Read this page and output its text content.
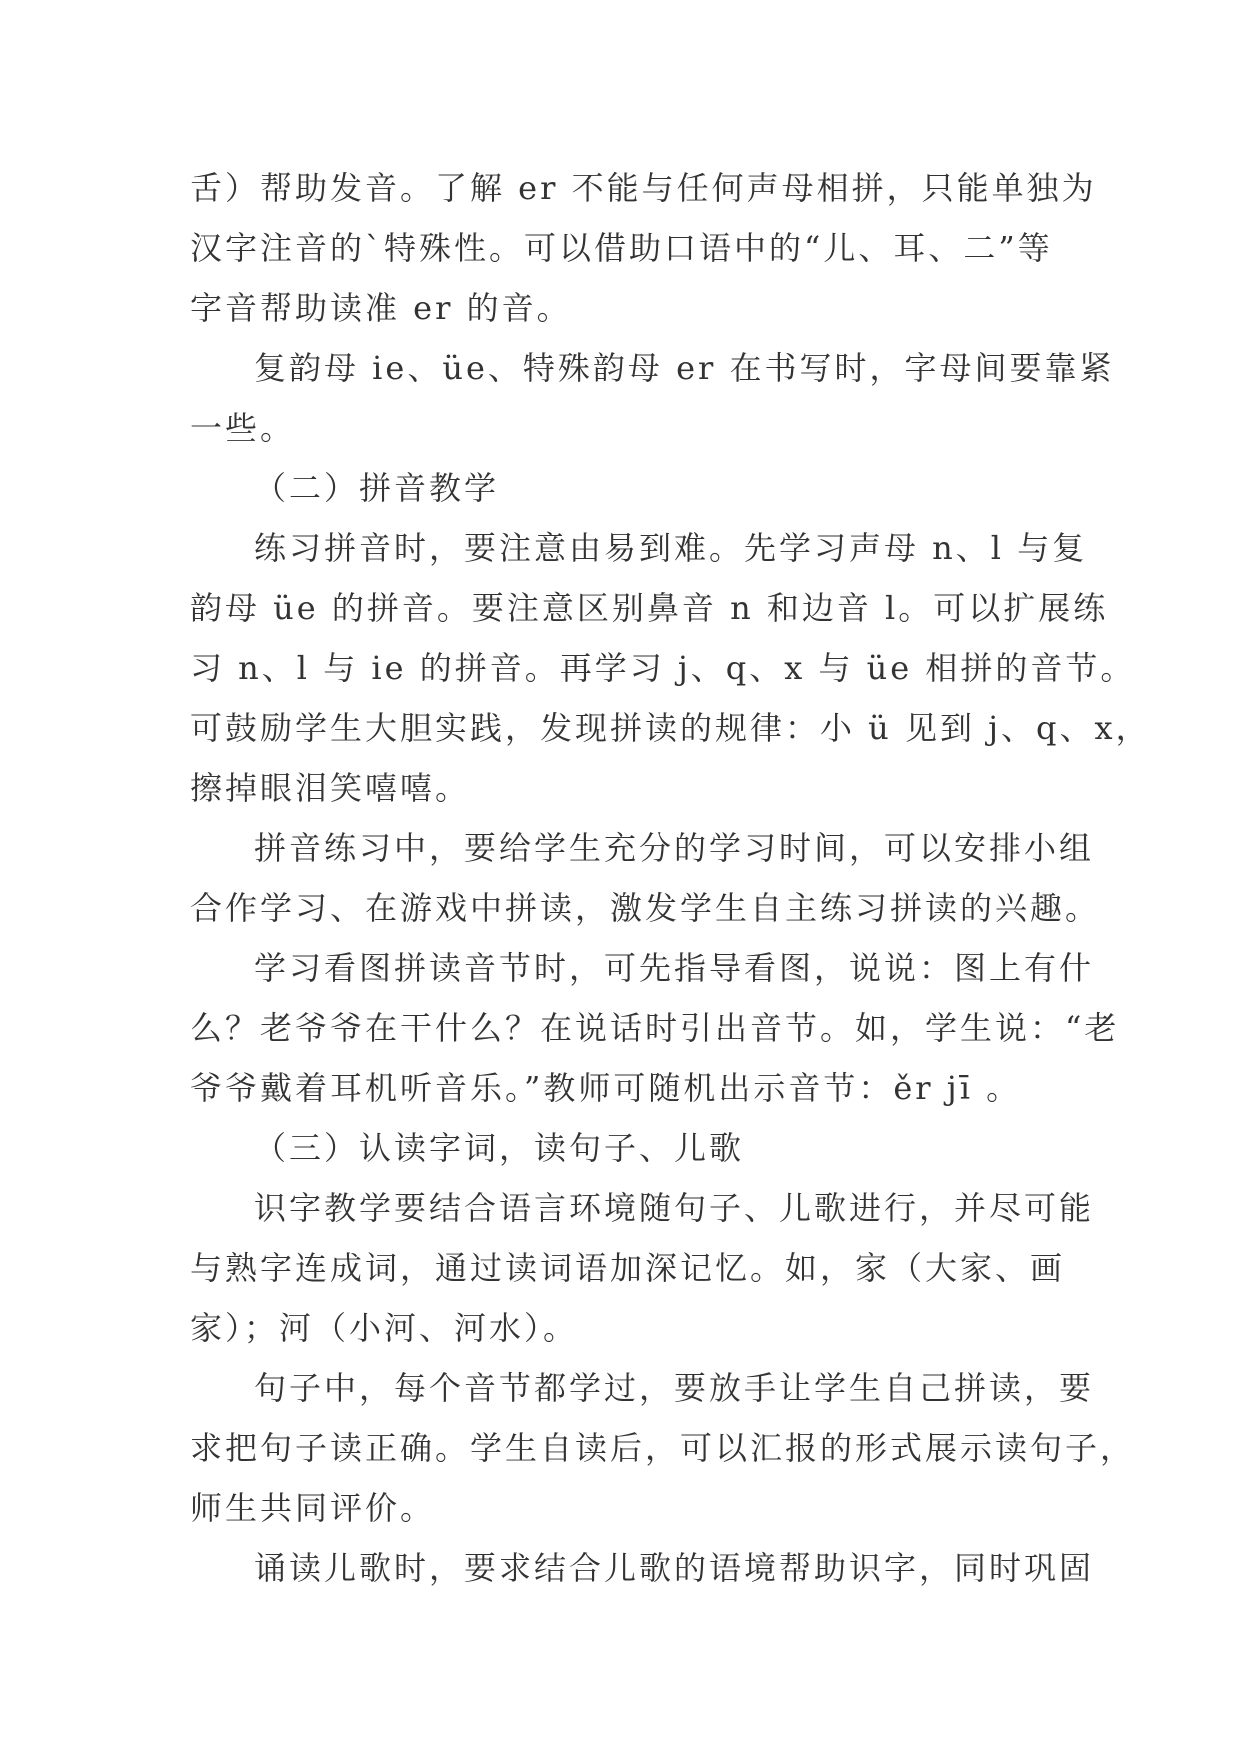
舌）帮助发音。了解 er 不能与任何声母相拼，只能单独为
汉字注音的`特殊性。可以借助口语中的“儿、耳、二”等
字音帮助读准 er 的音。

复韵母 ie、üe、特殊韵母 er 在书写时，字母间要靠紧
一些。

（二）拼音教学

练习拼音时，要注意由易到难。先学习声母 n、l 与复
韵母 üe 的拼音。要注意区别鼻音 n 和边音 l。可以扩展练
习 n、l 与 ie 的拼音。再学习 j、q、x 与 üe 相拼的音节。
可鼓励学生大胆实践，发现拼读的规律：小 ü 见到 j、q、x，
擦掉眼泪笑嘻嘻。

拼音练习中，要给学生充分的学习时间，可以安排小组
合作学习、在游戏中拼读，激发学生自主练习拼读的兴趣。

学习看图拼读音节时，可先指导看图，说说：图上有什
么？老爷爷在干什么？在说话时引出音节。如，学生说：“老
爷爷戴着耳机听音乐。”教师可随机出示音节：ěr jī 。

（三）认读字词，读句子、儿歌

识字教学要结合语言环境随句子、儿歌进行，并尽可能
与熟字连成词，通过读词语加深记忆。如，家（大家、画
家）；河（小河、河水）。

句子中，每个音节都学过，要放手让学生自己拼读，要
求把句子读正确。学生自读后，可以汇报的形式展示读句子，
师生共同评价。

诵读儿歌时，要求结合儿歌的语境帮助识字，同时巩固
